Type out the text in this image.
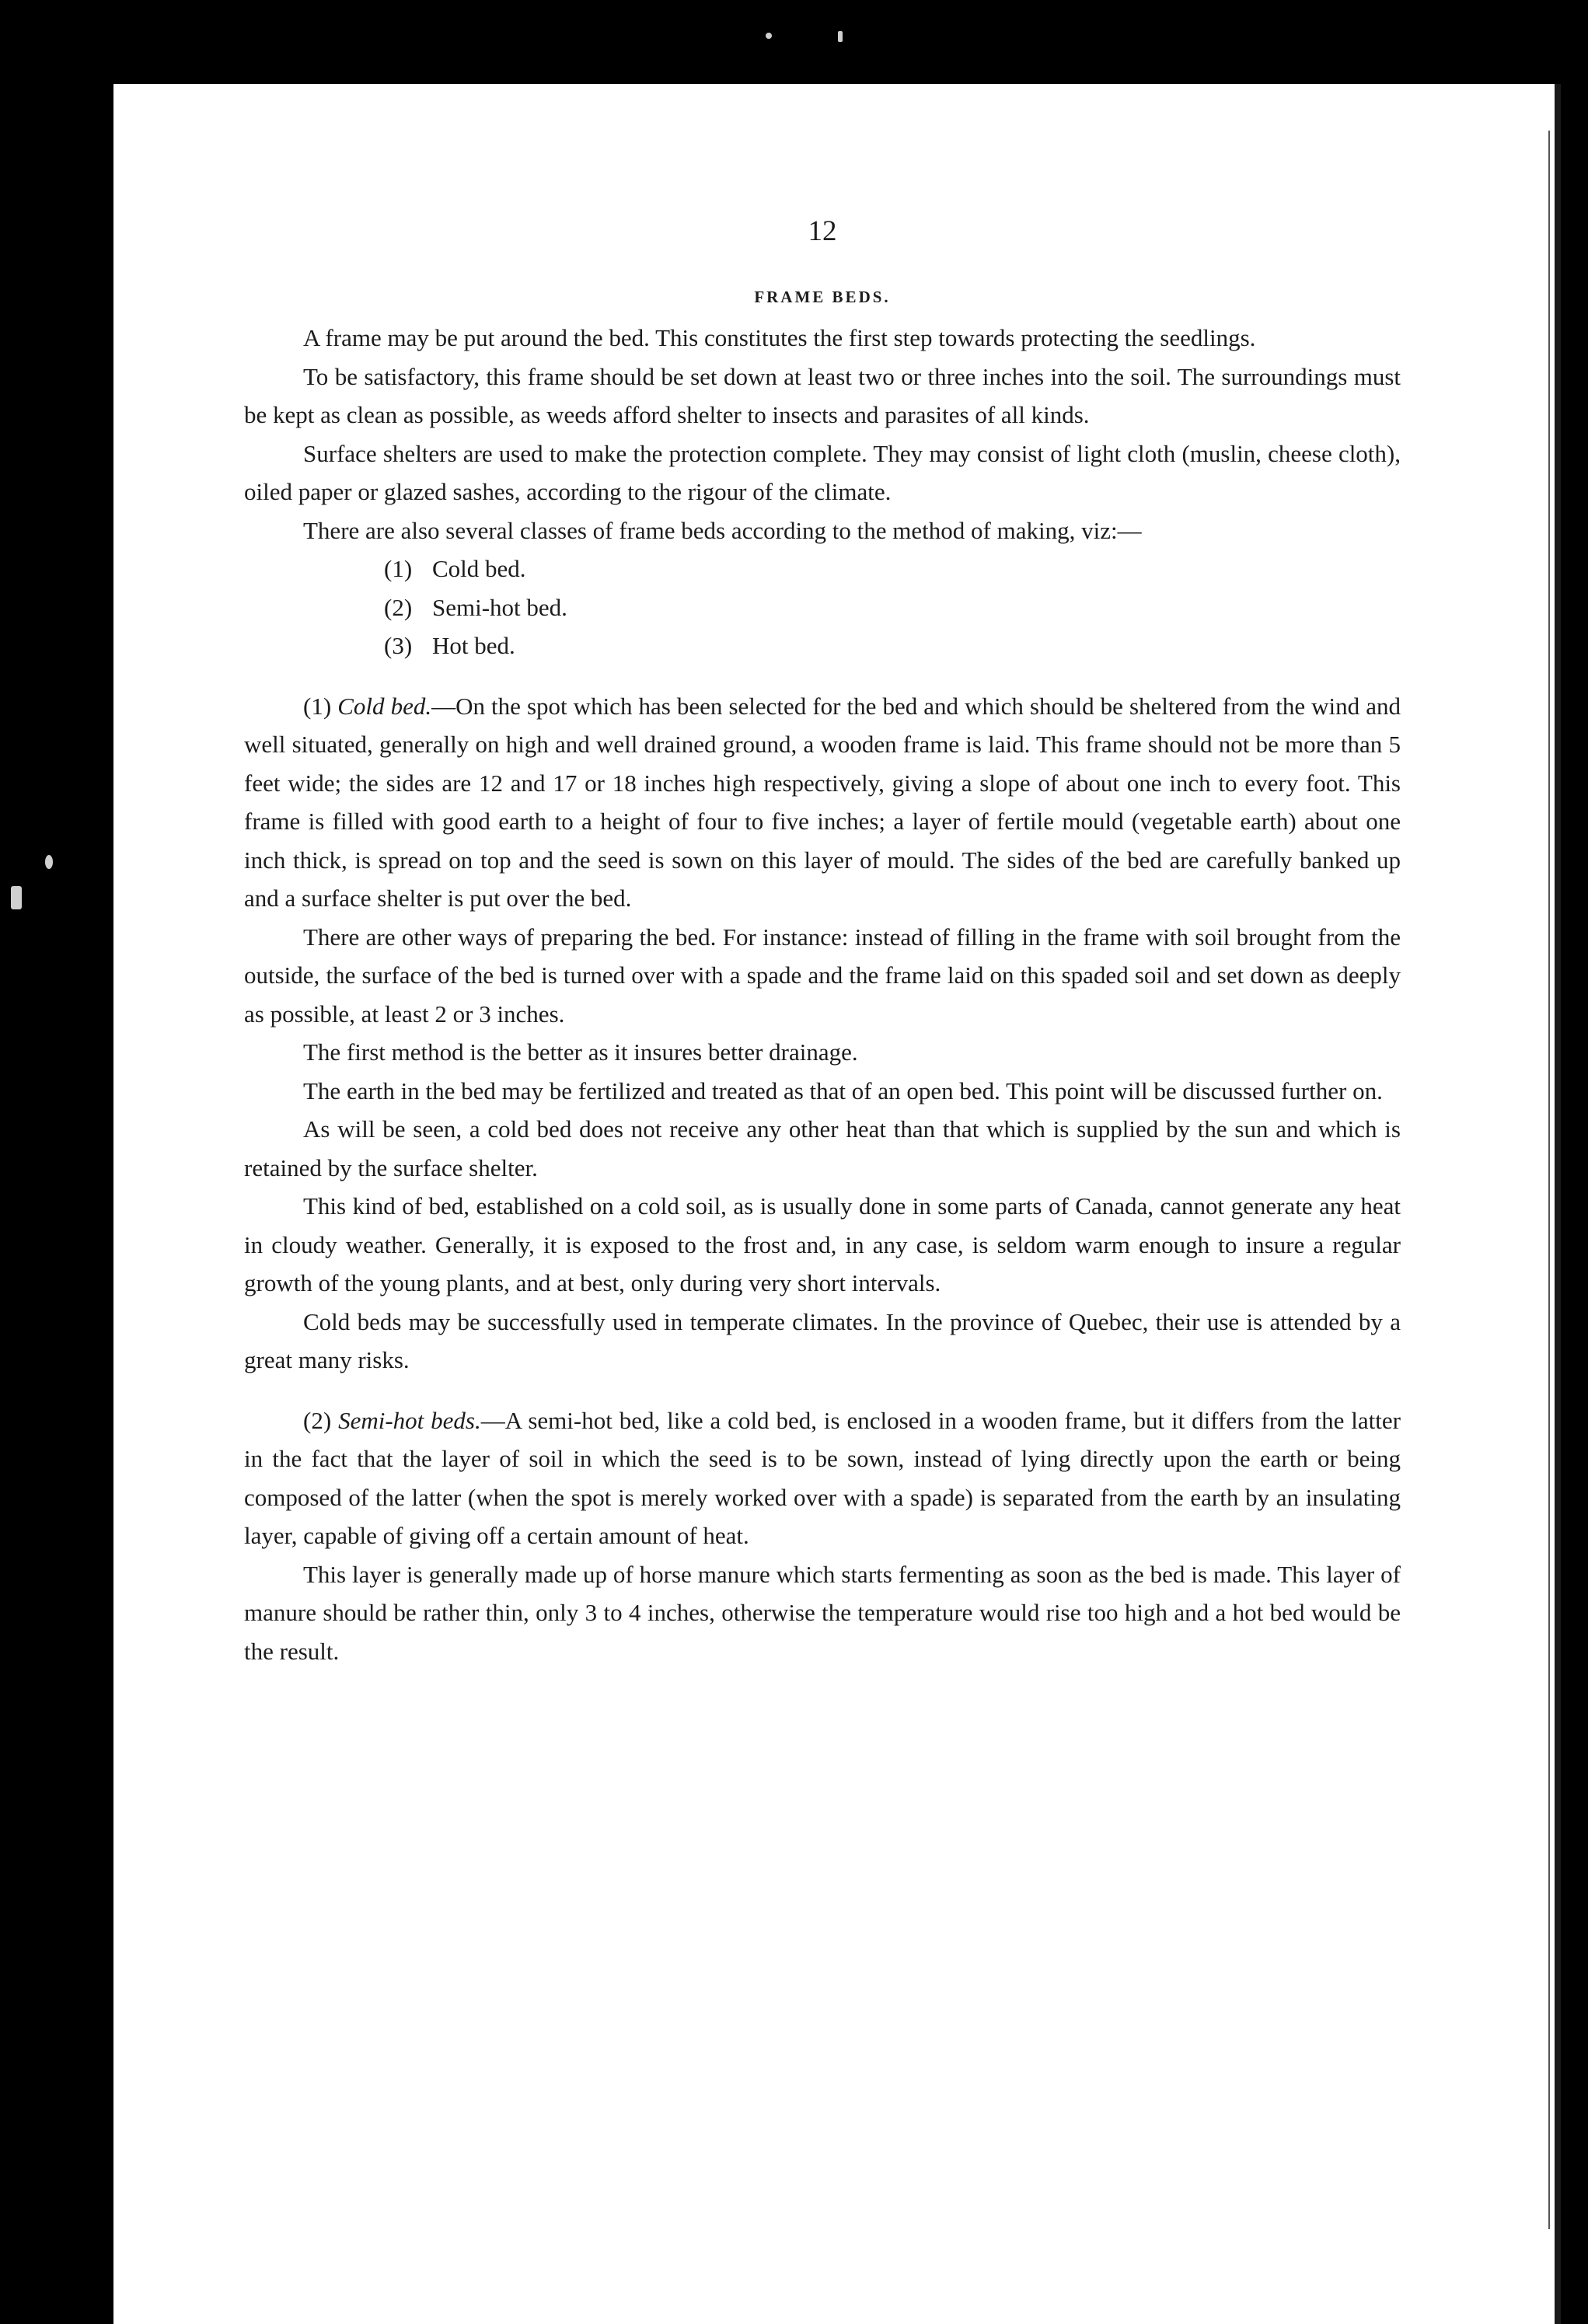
12
FRAME BEDS.

A frame may be put around the bed. This constitutes the first step towards protecting the seedlings.

To be satisfactory, this frame should be set down at least two or three inches into the soil. The surroundings must be kept as clean as possible, as weeds afford shelter to insects and parasites of all kinds.

Surface shelters are used to make the protection complete. They may consist of light cloth (muslin, cheese cloth), oiled paper or glazed sashes, according to the rigour of the climate.

There are also several classes of frame beds according to the method of making, viz:—

(1) Cold bed.
(2) Semi-hot bed.
(3) Hot bed.

(1) Cold bed.—On the spot which has been selected for the bed and which should be sheltered from the wind and well situated, generally on high and well drained ground, a wooden frame is laid. This frame should not be more than 5 feet wide; the sides are 12 and 17 or 18 inches high respectively, giving a slope of about one inch to every foot. This frame is filled with good earth to a height of four to five inches; a layer of fertile mould (vegetable earth) about one inch thick, is spread on top and the seed is sown on this layer of mould. The sides of the bed are carefully banked up and a surface shelter is put over the bed.

There are other ways of preparing the bed. For instance: instead of filling in the frame with soil brought from the outside, the surface of the bed is turned over with a spade and the frame laid on this spaded soil and set down as deeply as possible, at least 2 or 3 inches.

The first method is the better as it insures better drainage.

The earth in the bed may be fertilized and treated as that of an open bed. This point will be discussed further on.

As will be seen, a cold bed does not receive any other heat than that which is supplied by the sun and which is retained by the surface shelter.

This kind of bed, established on a cold soil, as is usually done in some parts of Canada, cannot generate any heat in cloudy weather. Generally, it is exposed to the frost and, in any case, is seldom warm enough to insure a regular growth of the young plants, and at best, only during very short intervals.

Cold beds may be successfully used in temperate climates. In the province of Quebec, their use is attended by a great many risks.

(2) Semi-hot beds.—A semi-hot bed, like a cold bed, is enclosed in a wooden frame, but it differs from the latter in the fact that the layer of soil in which the seed is to be sown, instead of lying directly upon the earth or being composed of the latter (when the spot is merely worked over with a spade) is separated from the earth by an insulating layer, capable of giving off a certain amount of heat.

This layer is generally made up of horse manure which starts fermenting as soon as the bed is made. This layer of manure should be rather thin, only 3 to 4 inches, otherwise the temperature would rise too high and a hot bed would be the result.
